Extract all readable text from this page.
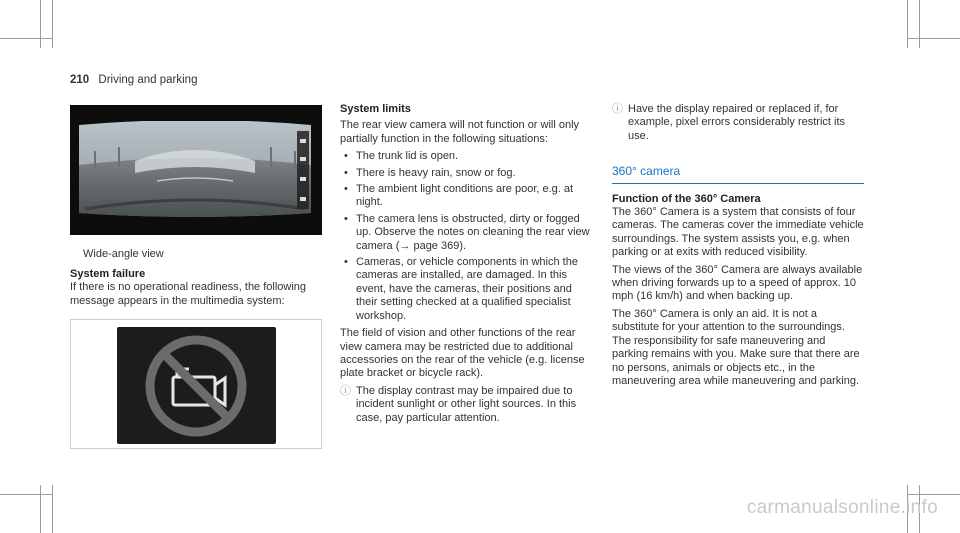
210 Driving and parking
Wide-angle view

System failure

If there is no operational readiness, the following message appears in the multimedia system:

System limits

The rear view camera will not function or will only partially function in the following situations:

• The trunk lid is open.
• There is heavy rain, snow or fog.
• The ambient light conditions are poor, e.g. at night.
• The camera lens is obstructed, dirty or fogged up. Observe the notes on cleaning the rear view camera (→ page 369).
• Cameras, or vehicle components in which the cameras are installed, are damaged. In this event, have the cameras, their positions and their setting checked at a qualified specialist workshop.

The field of vision and other functions of the rear view camera may be restricted due to additional accessories on the rear of the vehicle (e.g. license plate bracket or bicycle rack).

ⓘ The display contrast may be impaired due to incident sunlight or other light sources. In this case, pay particular attention.
ⓘ Have the display repaired or replaced if, for example, pixel errors considerably restrict its use.

360° camera

Function of the 360° Camera

The 360° Camera is a system that consists of four cameras. The cameras cover the immediate vehicle surroundings. The system assists you, e.g. when parking or at exits with reduced visibility.

The views of the 360° Camera are always available when driving forwards up to a speed of approx. 10 mph (16 km/h) and when backing up.

The 360° Camera is only an aid. It is not a substitute for your attention to the surroundings. The responsibility for safe maneuvering and parking remains with you. Make sure that there are no persons, animals or objects etc., in the maneuvering area while maneuvering and parking.

carmanualsonline.info
